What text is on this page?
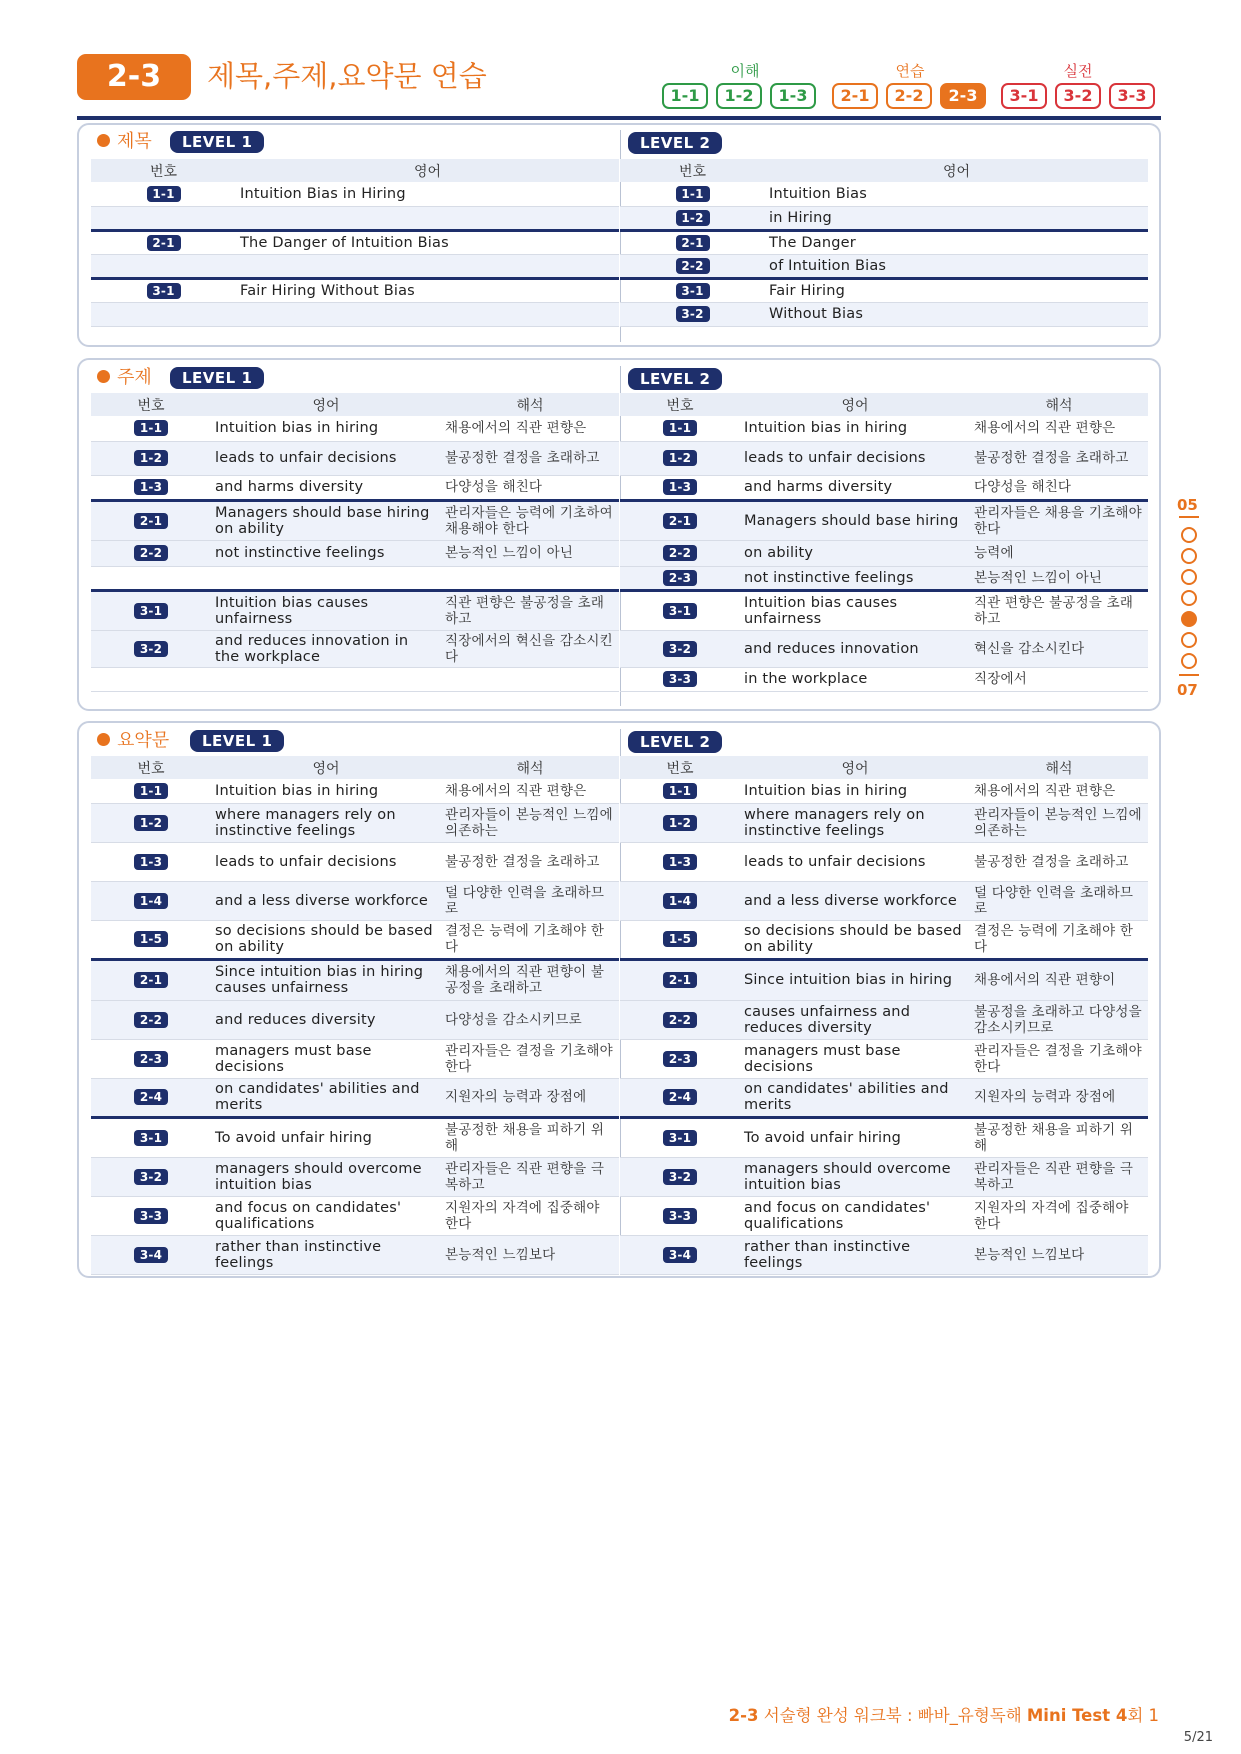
2-3	제목,주제,요약문 연습	이해	연습	실전
1-1	1-2	1-3	2-1	2-2	2-3	3-1	3-2	3-3
05
07
제목	LEVEL 1	LEVEL 2
번호	영어
1-1	Intuition Bias in Hiring

2-1	The Danger of Intuition Bias

3-1	Fair Hiring Without Bias

번호	영어
1-1	Intuition Bias
1-2	in Hiring
2-1	The Danger
2-2	of Intuition Bias
3-1	Fair Hiring
3-2	Without Bias
주제	LEVEL 1	LEVEL 2
번호	영어	해석
1-1	Intuition bias in hiring	채용에서의 직관 편향은
1-2	leads to unfair decisions	불공정한 결정을 초래하고
1-3	and harms diversity	다양성을 해친다
2-1	Managers should base hiring on ability	관리자들은 능력에 기초하여 채용해야 한다
2-2	not instinctive feelings	본능적인 느낌이 아닌

3-1	Intuition bias causes unfairness	직관 편향은 불공정을 초래하고
3-2	and reduces innovation in the workplace	직장에서의 혁신을 감소시킨다

번호	영어	해석
1-1	Intuition bias in hiring	채용에서의 직관 편향은
1-2	leads to unfair decisions	불공정한 결정을 초래하고
1-3	and harms diversity	다양성을 해친다
2-1	Managers should base hiring	관리자들은 채용을 기초해야 한다
2-2	on ability	능력에
2-3	not instinctive feelings	본능적인 느낌이 아닌
3-1	Intuition bias causes unfairness	직관 편향은 불공정을 초래하고
3-2	and reduces innovation	혁신을 감소시킨다
3-3	in the workplace	직장에서
요약문	LEVEL 1	LEVEL 2
번호	영어	해석
1-1	Intuition bias in hiring	채용에서의 직관 편향은
1-2	where managers rely on instinctive feelings	관리자들이 본능적인 느낌에 의존하는
1-3	leads to unfair decisions	불공정한 결정을 초래하고
1-4	and a less diverse workforce	덜 다양한 인력을 초래하므로
1-5	so decisions should be based on ability	결정은 능력에 기초해야 한다
2-1	Since intuition bias in hiring causes unfairness	채용에서의 직관 편향이 불공정을 초래하고
2-2	and reduces diversity	다양성을 감소시키므로
2-3	managers must base decisions	관리자들은 결정을 기초해야 한다
2-4	on candidates' abilities and merits	지원자의 능력과 장점에
3-1	To avoid unfair hiring	불공정한 채용을 피하기 위해
3-2	managers should overcome intuition bias	관리자들은 직관 편향을 극복하고
3-3	and focus on candidates' qualifications	지원자의 자격에 집중해야 한다
3-4	rather than instinctive feelings	본능적인 느낌보다
번호	영어	해석
1-1	Intuition bias in hiring	채용에서의 직관 편향은
1-2	where managers rely on instinctive feelings	관리자들이 본능적인 느낌에 의존하는
1-3	leads to unfair decisions	불공정한 결정을 초래하고
1-4	and a less diverse workforce	덜 다양한 인력을 초래하므로
1-5	so decisions should be based on ability	결정은 능력에 기초해야 한다
2-1	Since intuition bias in hiring	채용에서의 직관 편향이
2-2	causes unfairness and reduces diversity	불공정을 초래하고 다양성을 감소시키므로
2-3	managers must base decisions	관리자들은 결정을 기초해야 한다
2-4	on candidates' abilities and merits	지원자의 능력과 장점에
3-1	To avoid unfair hiring	불공정한 채용을 피하기 위해
3-2	managers should overcome intuition bias	관리자들은 직관 편향을 극복하고
3-3	and focus on candidates' qualifications	지원자의 자격에 집중해야 한다
3-4	rather than instinctive feelings	본능적인 느낌보다
2-3 서술형 완성 워크북 : 빠바_유형독해 Mini Test 4회 1
5/21
